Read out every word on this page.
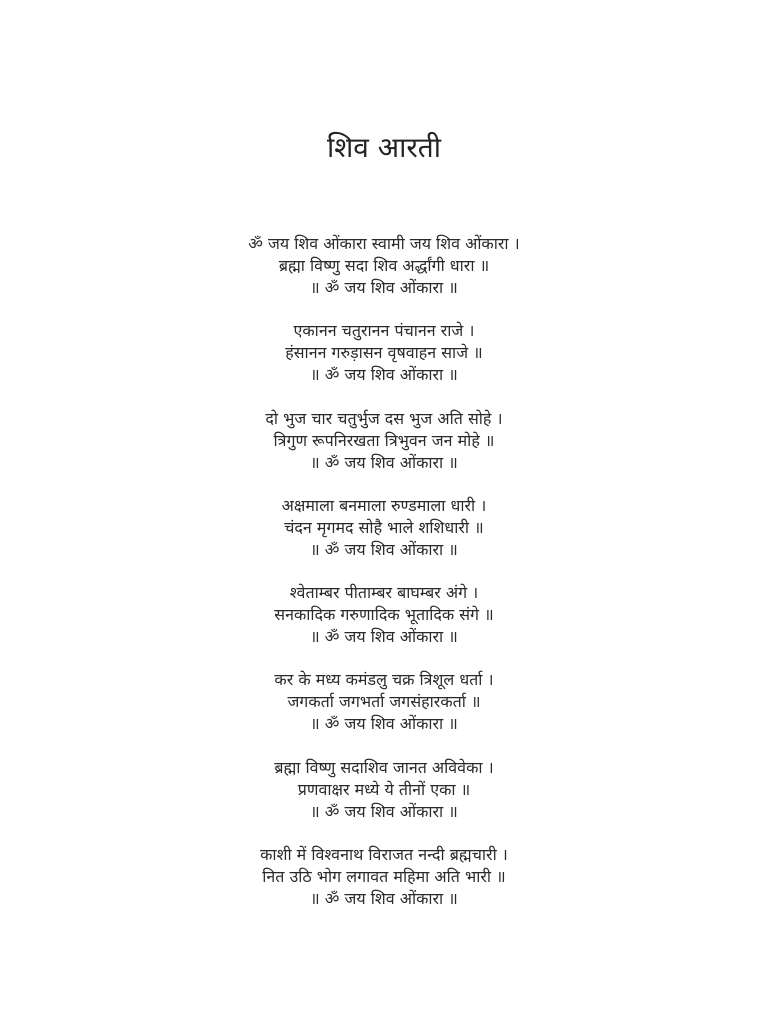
शिव आरती
ॐ जय शिव ओंकारा स्वामी जय शिव ओंकारा ।
ब्रह्मा विष्णु सदा शिव अर्द्धांगी धारा ॥
॥ ॐ जय शिव ओंकारा ॥
एकानन चतुरानन पंचानन राजे ।
हंसानन गरुड़ासन वृषवाहन साजे ॥
॥ ॐ जय शिव ओंकारा ॥
दो भुज चार चतुर्भुज दस भुज अति सोहे ।
त्रिगुण रूपनिरखता त्रिभुवन जन मोहे ॥
॥ ॐ जय शिव ओंकारा ॥
अक्षमाला बनमाला रुण्डमाला धारी ।
चंदन मृगमद सोहै भाले शशिधारी ॥
॥ ॐ जय शिव ओंकारा ॥
श्वेताम्बर पीताम्बर बाघम्बर अंगे ।
सनकादिक गरुणादिक भूतादिक संगे ॥
॥ ॐ जय शिव ओंकारा ॥
कर के मध्य कमंडलु चक्र त्रिशूल धर्ता ।
जगकर्ता जगभर्ता जगसंहारकर्ता ॥
॥ ॐ जय शिव ओंकारा ॥
ब्रह्मा विष्णु सदाशिव जानत अविवेका ।
प्रणवाक्षर मध्ये ये तीनों एका ॥
॥ ॐ जय शिव ओंकारा ॥
काशी में विश्वनाथ विराजत नन्दी ब्रह्मचारी ।
नित उठि भोग लगावत महिमा अति भारी ॥
॥ ॐ जय शिव ओंकारा ॥
